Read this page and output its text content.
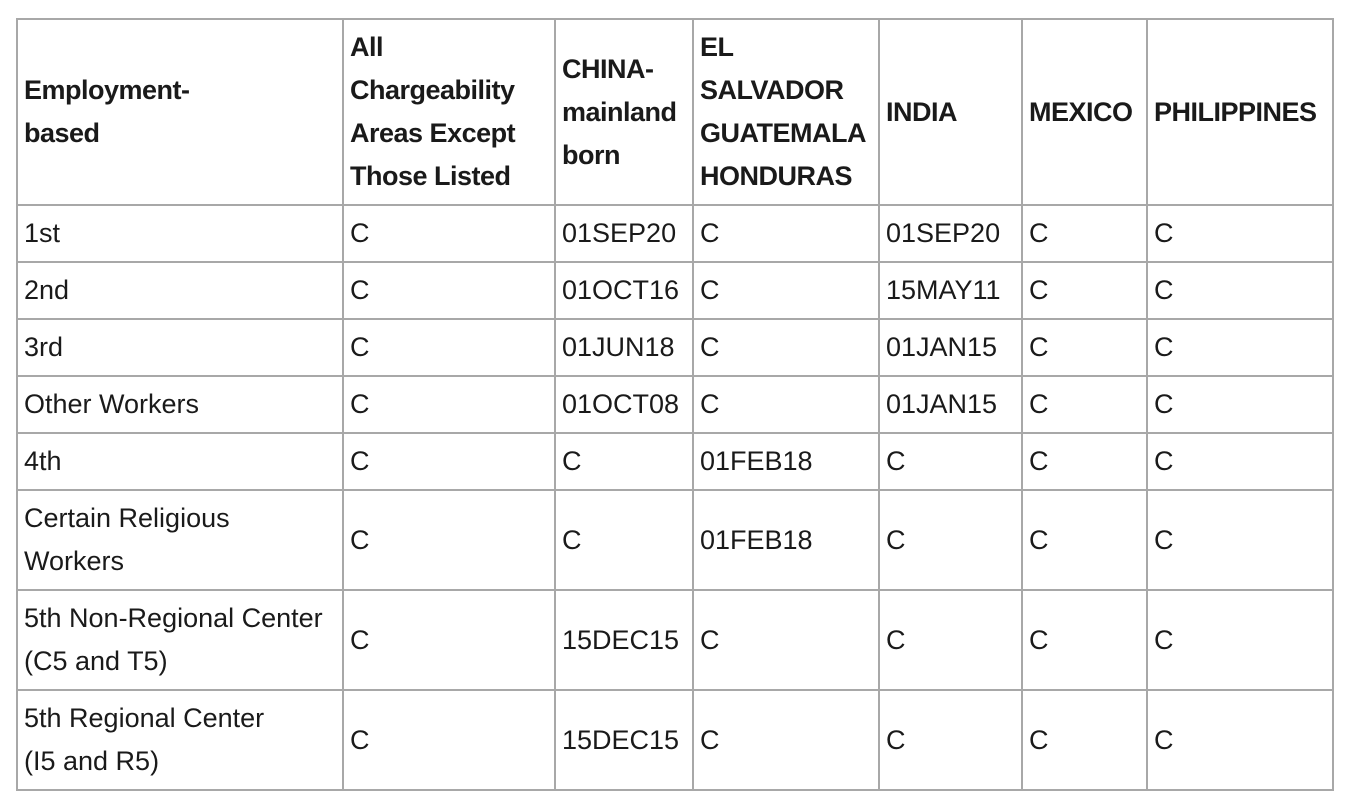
Employment-based	All Chargeability Areas Except Those Listed	CHINA-mainland born	EL SALVADOR GUATEMALA HONDURAS	INDIA	MEXICO	PHILIPPINES
1st	C	01SEP20	C	01SEP20	C	C
2nd	C	01OCT16	C	15MAY11	C	C
3rd	C	01JUN18	C	01JAN15	C	C
Other Workers	C	01OCT08	C	01JAN15	C	C
4th	C	C	01FEB18	C	C	C
Certain Religious Workers	C	C	01FEB18	C	C	C
5th Non-Regional Center (C5 and T5)	C	15DEC15	C	C	C	C
5th Regional Center (I5 and R5)	C	15DEC15	C	C	C	C
